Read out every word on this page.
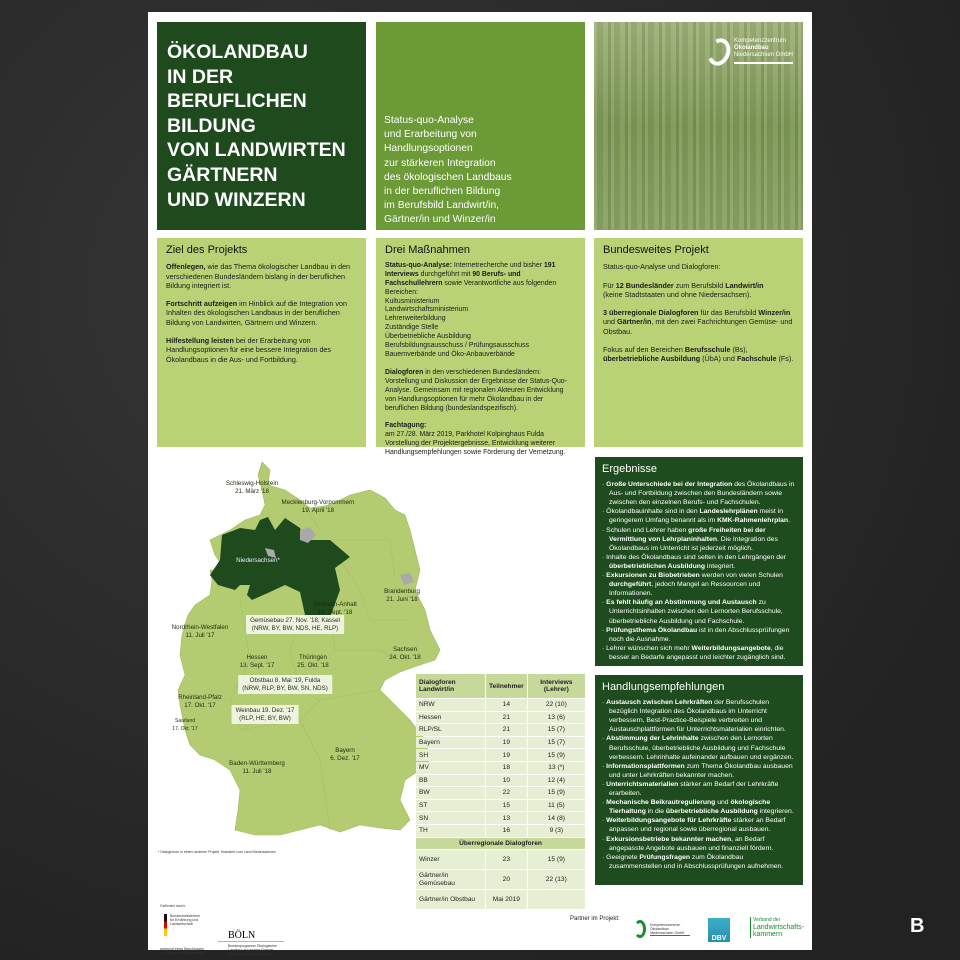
ÖKOLANDBAU
IN DER
BERUFLICHEN
BILDUNG
VON LANDWIRTEN
GÄRTNERN
UND WINZERN
Status-quo-Analyse
und Erarbeitung von
Handlungsoptionen
zur stärkeren Integration
des ökologischen Landbaus
in der beruflichen Bildung
im Berufsbild Landwirt/in,
Gärtner/in und Winzer/in
Kompetenzzentrum
Ökolandbau
Niedersachsen GmbH
Ziel des Projekts

Offenlegen, wie das Thema ökologischer Landbau in den verschiedenen Bundesländern bislang in der beruflichen Bildung integriert ist.

Fortschritt aufzeigen im Hinblick auf die Integration von Inhalten des ökologischen Landbaus in der beruflichen Bildung von Landwirten, Gärtnern und Winzern.

Hilfestellung leisten bei der Erarbeitung von Handlungsoptionen für eine bessere Integration des Ökolandbaus in die Aus- und Fortbildung.

Drei Maßnahmen

Status-quo-Analyse: Internetrecherche und bisher 191 Interviews durchgeführt mit 90 Berufs- und Fachschullehrern sowie Verantwortliche aus folgenden Bereichen:
Kultusministerium
Landwirtschaftsministerium
Lehrerweiterbildung
Zuständige Stelle
Überbetriebliche Ausbildung
Berufsbildungsausschuss / Prüfungsausschuss
Bauernverbände und Öko-Anbauverbände

Dialogforen in den verschiedenen Bundesländern: Vorstellung und Diskussion der Ergebnisse der Status-Quo-Analyse. Gemeinsam mit regionalen Akteuren Entwicklung von Handlungsoptionen für mehr Ökolandbau in der beruflichen Bildung (bundeslandspezifisch).

Fachtagung:
am 27./28. März 2019, Parkhotel Kolpinghaus Fulda Vorstellung der Projektergebnisse, Entwicklung weiterer Handlungsempfehlungen sowie Förderung der Vernetzung.

Bundesweites Projekt

Status-quo-Analyse und Dialogforen:

Für 12 Bundesländer zum Berufsbild Landwirt/in
(keine Stadtstaaten und ohne Niedersachsen).

3 überregionale Dialogforen für das Berufsbild Winzer/in und Gärtner/in, mit den zwei Fachrichtungen Gemüse- und Obstbau.

Fokus auf den Bereichen Berufsschule (Bs), überbetriebliche Ausbildung (ÜbA) und Fachschule (Fs).

Schleswig-Holstein
21. März '18
Mecklenburg-Vorpommern
19. April '18
Niedersachsen*
Brandenburg
21. Juni '18
Sachsen-Anhalt
19. Sept. '18
Nordrhein-Westfalen
11. Juli '17
Sachsen
24. Okt. '18
Hessen
13. Sept. '17
Thüringen
25. Okt. '18
Rheinland-Pfalz
17. Okt. '17
Saarland
17. Okt. '17
Bayern
6. Dez. '17
Baden-Württemberg
11. Juli '18
Gemüsebau 27. Nov. '18, Kassel
(NRW, BY, BW, NDS, HE, RLP)
Obstbau 8. Mai '19, Fulda
(NRW, RLP, BY, BW, SN, NDS)
Weinbau 19. Dez. '17
(RLP, HE, BY, BW)
* Dialogforum in einem anderen Projekt, finanziert vom Land Niedersachsen
Dialogforen Landwirt/in	Teilnehmer	Interviews (Lehrer)
NRW	14	22 (10)
Hessen	21	13 (6)
RLP/SL	21	15 (7)
Bayern	19	15 (7)
SH	19	15 (9)
MV	18	13 (*)
BB	10	12 (4)
BW	22	15 (9)
ST	15	11 (5)
SN	13	14 (8)
TH	16	9 (3)
Überregionale Dialogforen		
Winzer	23	15 (9)
Gärtner/in Gemüsebau	20	22 (13)
Gärtner/in Obstbau	Mai 2019	
Ergebnisse
· Große Unterschiede bei der Integration des Ökolandbaus in Aus- und Fortbildung zwischen den Bundesländern sowie zwischen den einzelnen Berufs- und Fachschulen.
· Ökolandbauinhalte sind in den Landeslehrplänen meist in geringerem Umfang benannt als im KMK-Rahmenlehrplan.
· Schulen und Lehrer haben große Freiheiten bei der Vermittlung von Lehrplaninhalten. Die Integration des Ökolandbaus im Unterricht ist jederzeit möglich.
· Inhalte des Ökolandbaus sind selten in den Lehrgängen der überbetrieblichen Ausbildung integriert.
· Exkursionen zu Biobetrieben werden von vielen Schulen durchgeführt, jedoch Mangel an Ressourcen und Informationen.
· Es fehlt häufig an Abstimmung und Austausch zu Unterrichtsinhalten zwischen den Lernorten Berufsschule, überbetriebliche Ausbildung und Fachschule.
· Prüfungsthema Ökolandbau ist in den Abschlussprüfungen noch die Ausnahme.
· Lehrer wünschen sich mehr Weiterbildungsangebote, die besser an Bedarfe angepasst und leichter zugänglich sind.
Handlungsempfehlungen
· Austausch zwischen Lehrkräften der Berufsschulen bezüglich Integration des Ökolandbaus im Unterricht verbessern, Best-Practice-Beispiele verbreiten und Austauschplattformen für Unterrichtsmaterialien einrichten.
· Abstimmung der Lehrinhalte zwischen den Lernorten Berufsschule, überbetriebliche Ausbildung und Fachschule verbessern. Lehrinhalte aufeinander aufbauen und ergänzen.
· Informationsplattformen zum Thema Ökolandbau ausbauen und unter Lehrkräften bekannter machen.
· Unterrichtsmaterialien stärker am Bedarf der Lehrkräfte erarbeiten.
· Mechanische Beikrautregulierung und ökologische Tierhaltung in die überbetriebliche Ausbildung integrieren.
· Weiterbildungsangebote für Lehrkräfte stärker an Bedarf anpassen und regional sowie überregional ausbauen.
· Exkursionsbetriebe bekannter machen, an Bedarf angepasste Angebote ausbauen und finanziell fördern.
· Geeignete Prüfungsfragen zum Ökolandbau zusammenstellen und in Abschlussprüfungen aufnehmen.
Gefördert durch:
Bundesministerium für Ernährung und Landwirtschaft
aufgrund eines Beschlusses des Deutschen Bundestages
BÖLN
Bundesprogramm Ökologischer Landbau und andere Formen nachhaltiger Landwirtschaft
Partner im Projekt:
Kompetenzzentrum Ökolandbau Niedersachsen GmbH
DBV
Verband der
Landwirtschafts-
kammern	B
